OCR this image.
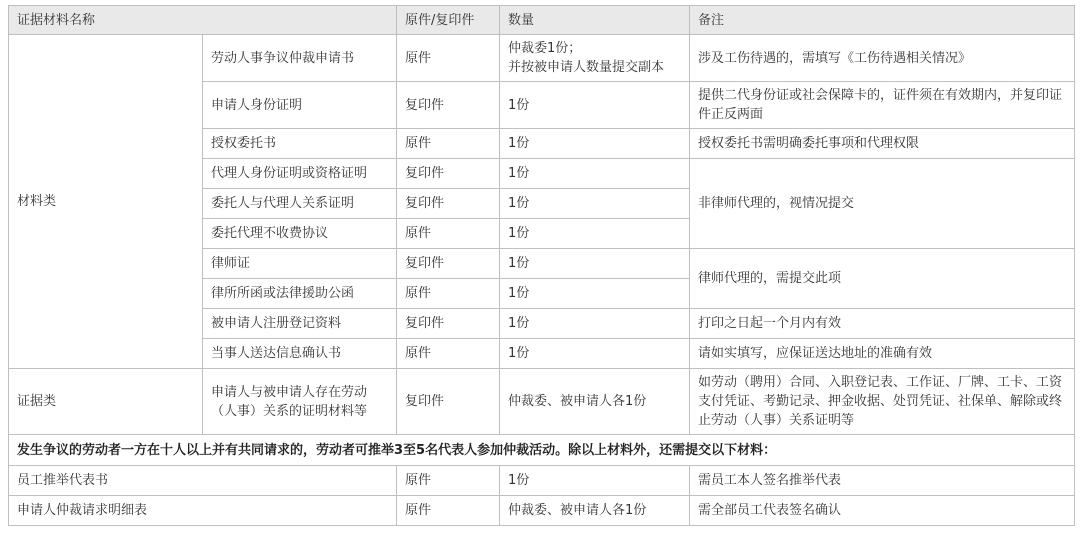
证据材料名称		原件/复印件	数量	备注
材料类	劳动人事争议仲裁申请书	原件	仲裁委1份；
并按被申请人数量提交副本	涉及工伤待遇的，需填写《工伤待遇相关情况》
	申请人身份证明	复印件	1份	提供二代身份证或社会保障卡的，证件须在有效期内，并复印证件正反两面
	授权委托书	原件	1份	授权委托书需明确委托事项和代理权限
	代理人身份证明或资格证明	复印件	1份	非律师代理的，视情况提交
	委托人与代理人关系证明	复印件	1份	
	委托代理不收费协议	原件	1份	
	律师证	复印件	1份	律师代理的，需提交此项
	律所所函或法律援助公函	原件	1份	
	被申请人注册登记资料	复印件	1份	打印之日起一个月内有效
	当事人送达信息确认书	原件	1份	请如实填写，应保证送达地址的准确有效
证据类	申请人与被申请人存在劳动（人事）关系的证明材料等	复印件	仲裁委、被申请人各1份	如劳动（聘用）合同、入职登记表、工作证、厂牌、工卡、工资支付凭证、考勤记录、押金收据、处罚凭证、社保单、解除或终止劳动（人事）关系证明等
发生争议的劳动者一方在十人以上并有共同请求的，劳动者可推举3至5名代表人参加仲裁活动。除以上材料外，还需提交以下材料：				
员工推举代表书		原件	1份	需员工本人签名推举代表
申请人仲裁请求明细表		原件	仲裁委、被申请人各1份	需全部员工代表签名确认
